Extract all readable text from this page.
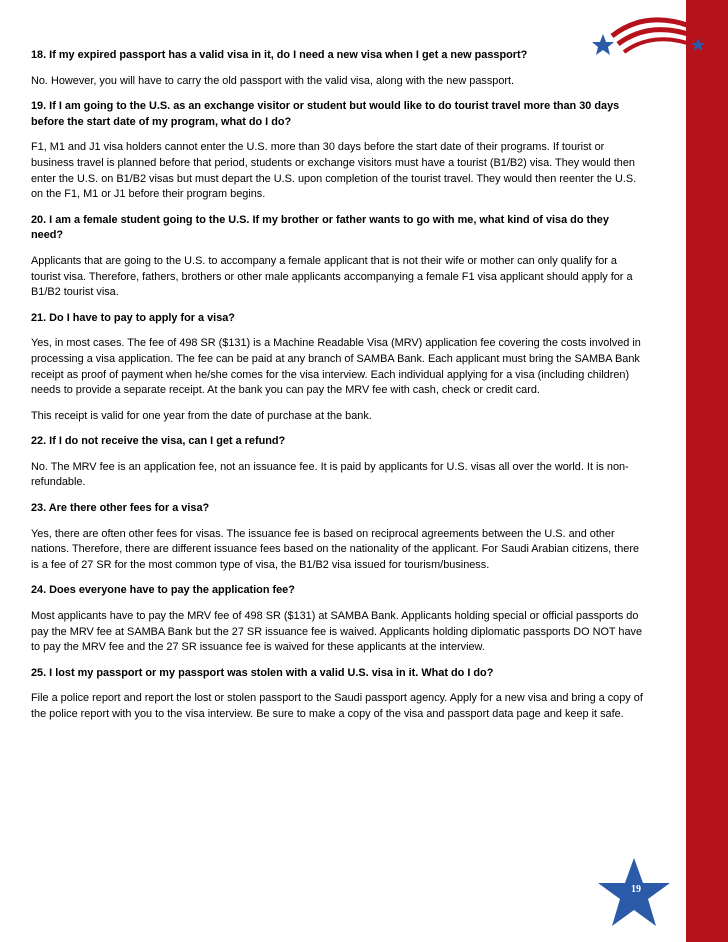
18. If my expired passport has a valid visa in it, do I need a new visa when I get a new passport?

No. However, you will have to carry the old passport with the valid visa, along with the new passport.

19. If I am going to the U.S. as an exchange visitor or student but would like to do tourist travel more than 30 days before the start date of my program, what do I do?

F1, M1 and J1 visa holders cannot enter the U.S. more than 30 days before the start date of their programs. If tourist or business travel is planned before that period, students or exchange visitors must have a tourist (B1/B2) visa. They would then enter the U.S. on B1/B2 visas but must depart the U.S. upon completion of the tourist travel. They would then reenter the U.S. on the F1, M1 or J1 before their program begins.

20. I am a female student going to the U.S. If my brother or father wants to go with me, what kind of visa do they need?

Applicants that are going to the U.S. to accompany a female applicant that is not their wife or mother can only qualify for a tourist visa. Therefore, fathers, brothers or other male applicants accompanying a female F1 visa applicant should apply for a B1/B2 tourist visa.

21. Do I have to pay to apply for a visa?

Yes, in most cases. The fee of 498 SR ($131) is a Machine Readable Visa (MRV) application fee covering the costs involved in processing a visa application. The fee can be paid at any branch of SAMBA Bank. Each applicant must bring the SAMBA Bank receipt as proof of payment when he/she comes for the visa interview. Each individual applying for a visa (including children) needs to provide a separate receipt. At the bank you can pay the MRV fee with cash, check or credit card.

This receipt is valid for one year from the date of purchase at the bank.

22. If I do not receive the visa, can I get a refund?

No. The MRV fee is an application fee, not an issuance fee. It is paid by applicants for U.S. visas all over the world. It is non-refundable.

23. Are there other fees for a visa?

Yes, there are often other fees for visas. The issuance fee is based on reciprocal agreements between the U.S. and other nations. Therefore, there are different issuance fees based on the nationality of the applicant. For Saudi Arabian citizens, there is a fee of 27 SR for the most common type of visa, the B1/B2 visa issued for tourism/business.

24. Does everyone have to pay the application fee?

Most applicants have to pay the MRV fee of 498 SR ($131) at SAMBA Bank. Applicants holding special or official passports do pay the MRV fee at SAMBA Bank but the 27 SR issuance fee is waived. Applicants holding diplomatic passports DO NOT have to pay the MRV fee and the 27 SR issuance fee is waived for these applicants at the interview.

25. I lost my passport or my passport was stolen with a valid U.S. visa in it. What do I do?

File a police report and report the lost or stolen passport to the Saudi passport agency. Apply for a new visa and bring a copy of the police report with you to the visa interview. Be sure to make a copy of the visa and passport data page and keep it safe.

19
